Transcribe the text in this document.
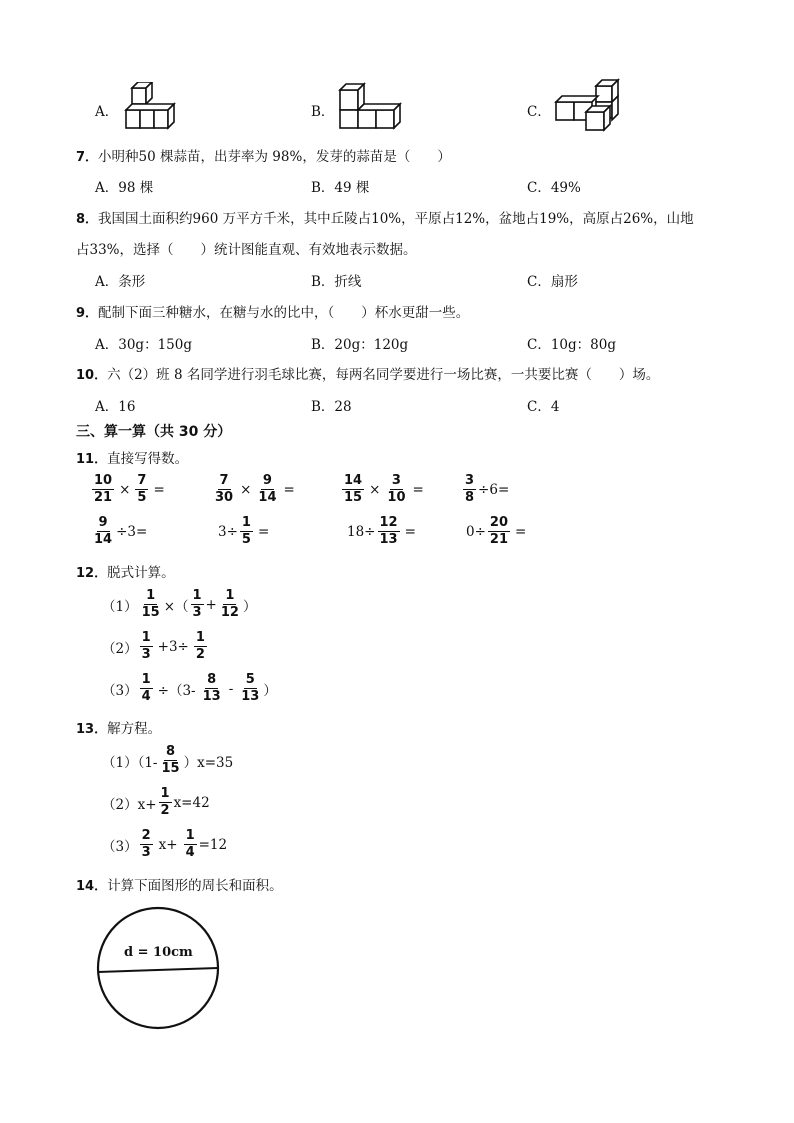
A．	B．	C．
7． 小明种50 棵蒜苗，出芽率为 98%，发芽的蒜苗是（　　）
A．98 棵	B．49 棵	C．49%
8． 我国国土面积约960 万平方千米，其中丘陵占10%，平原占12%，盆地占19%，高原占26%，山地
占33%，选择（　　）统计图能直观、有效地表示数据。
A．条形	B．折线	C．扇形
9． 配制下面三种糖水，在糖与水的比中，（　　）杯水更甜一些。
A．30g：150g	B．20g：120g	C．10g：80g
10． 六（2）班 8 名同学进行羽毛球比赛，每两名同学要进行一场比赛，一共要比赛（　　）场。
A．16	B．28	C．4
三、算一算（共 30 分）
11． 直接写得数。
$\frac{10}{21} \times \frac{7}{5}$ =	$\frac{7}{30} \times \frac{9}{14}$ =	$\frac{14}{15} \times \frac{3}{10}$ =	$\frac{3}{8} \div 6=$
$\frac{9}{14} \div 3=$	$3\div \frac{1}{5}$ =	$18\div \frac{12}{13}$ =	$0\div \frac{20}{21}$ =
12． 脱式计算。
$(1) \frac{1}{15}$ ×（ $\frac{1}{3} + \frac{1}{12}$ ）
$(2) \frac{1}{3} +3\div \frac{1}{2}$
$(3) \frac{1}{4} \div(3- \frac{8}{13} - \frac{5}{13}$ ）
13． 解方程。
$(1)(1- \frac{8}{15} )x=35$
$(2)x+ \frac{1}{2} x=42$
$(3) \frac{2}{3} x+ \frac{1}{4} =12$
14． 计算下面图形的周长和面积。
d = 10cm
